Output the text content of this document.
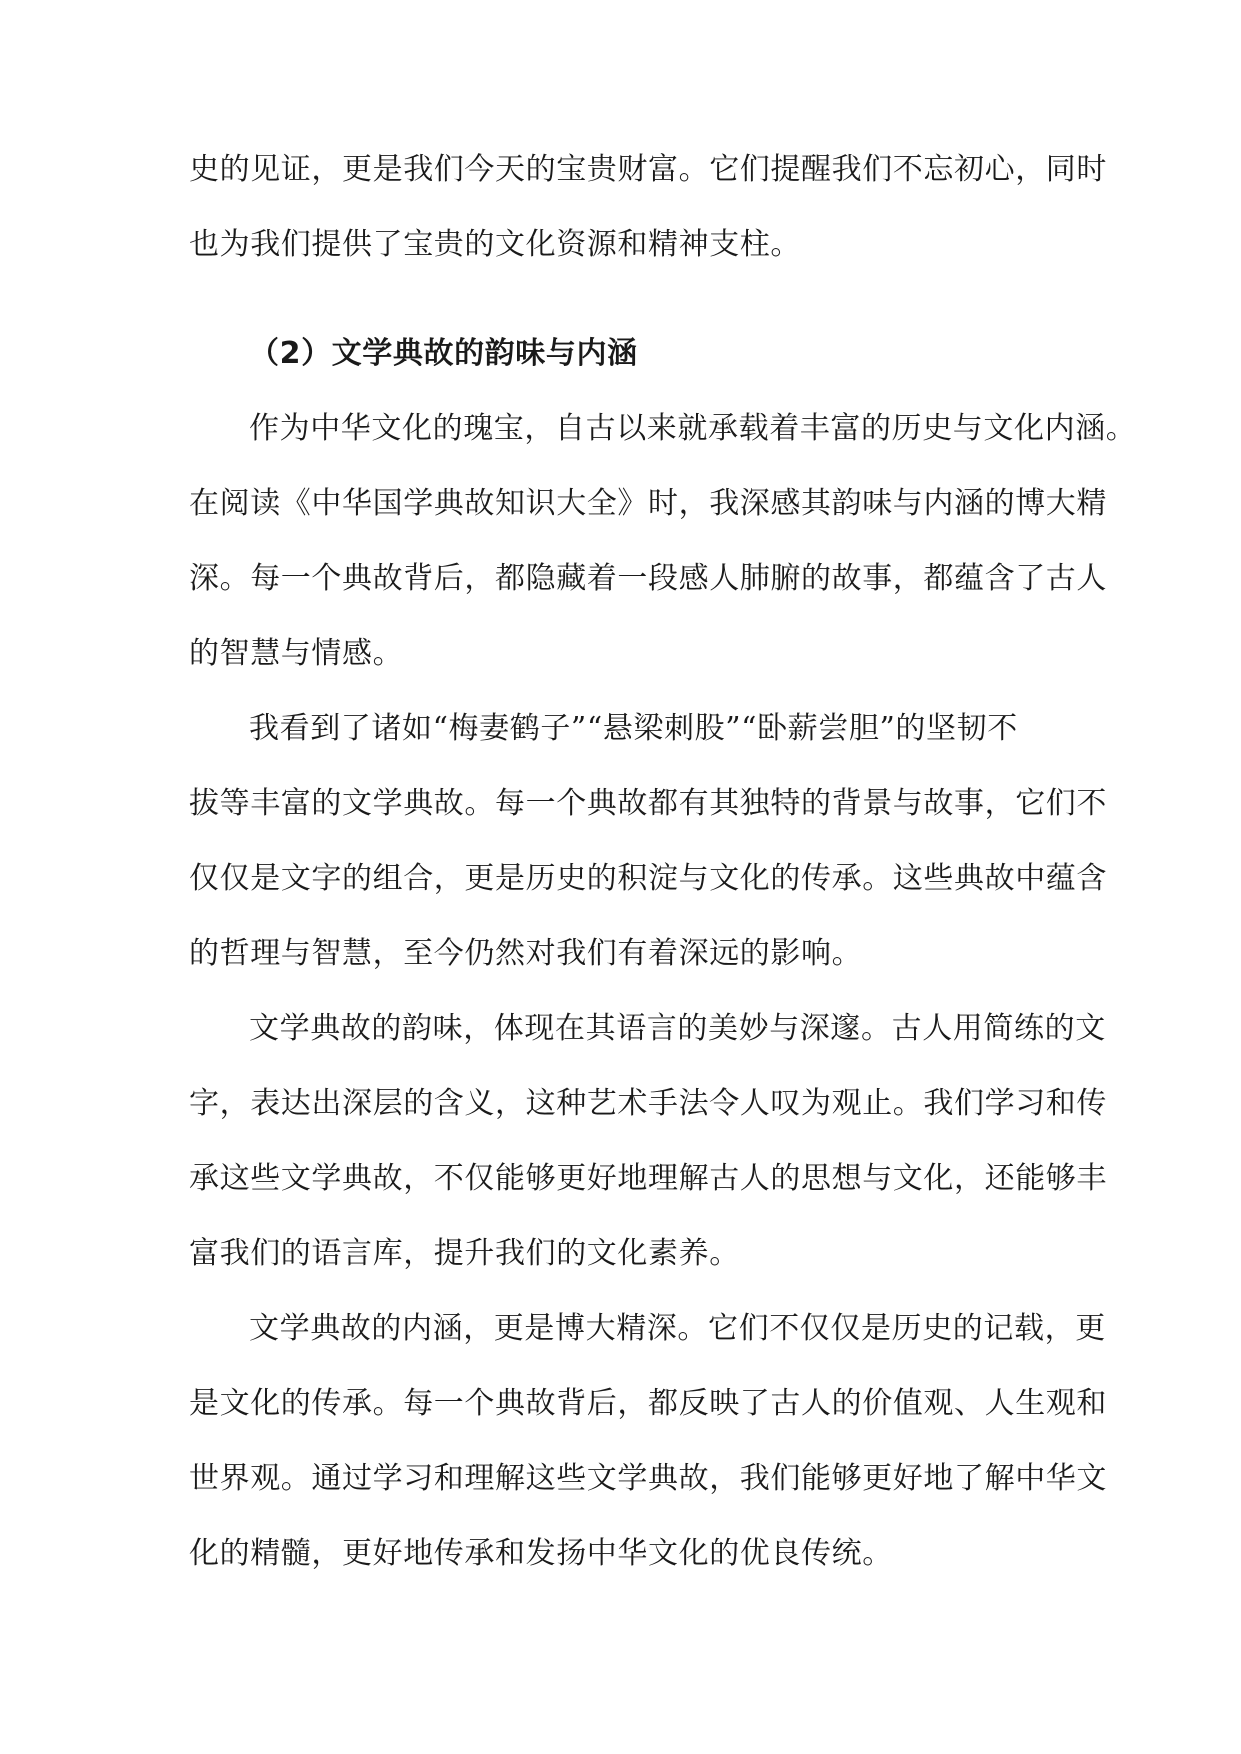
史的见证，更是我们今天的宝贵财富。它们提醒我们不忘初心，同时
也为我们提供了宝贵的文化资源和精神支柱。
（2）文学典故的韵味与内涵
作为中华文化的瑰宝，自古以来就承载着丰富的历史与文化内涵。
在阅读《中华国学典故知识大全》时，我深感其韵味与内涵的博大精
深。每一个典故背后，都隐藏着一段感人肺腑的故事，都蕴含了古人
的智慧与情感。
我看到了诸如“梅妻鹤子”“悬梁刺股”“卧薪尝胆”的坚韧不
拔等丰富的文学典故。每一个典故都有其独特的背景与故事，它们不
仅仅是文字的组合，更是历史的积淀与文化的传承。这些典故中蕴含
的哲理与智慧，至今仍然对我们有着深远的影响。
文学典故的韵味，体现在其语言的美妙与深邃。古人用简练的文
字，表达出深层的含义，这种艺术手法令人叹为观止。我们学习和传
承这些文学典故，不仅能够更好地理解古人的思想与文化，还能够丰
富我们的语言库，提升我们的文化素养。
文学典故的内涵，更是博大精深。它们不仅仅是历史的记载，更
是文化的传承。每一个典故背后，都反映了古人的价值观、人生观和
世界观。通过学习和理解这些文学典故，我们能够更好地了解中华文
化的精髓，更好地传承和发扬中华文化的优良传统。
